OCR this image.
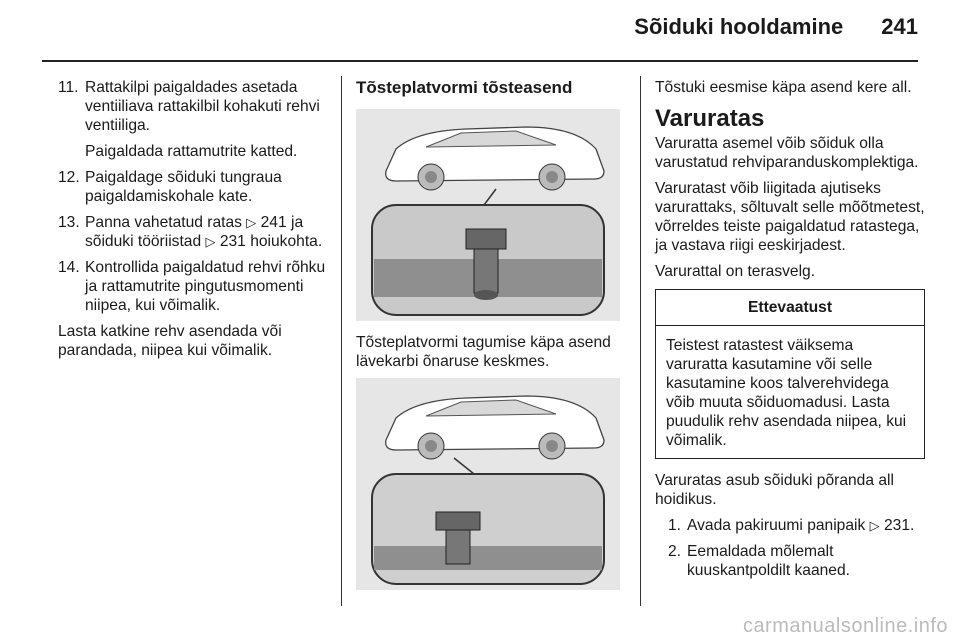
Sõiduki hooldamine 241
11. Rattakilpi paigaldades asetada ventiiliava rattakilbil kohakuti rehvi ventiiliga.

Paigaldada rattamutrite katted.

12. Paigaldage sõiduki tungraua paigaldamiskohale kate.
13. Panna vahetatud ratas ▷ 241 ja sõiduki tööriistad ▷ 231 hoiukohta.
14. Kontrollida paigaldatud rehvi rõhku ja rattamutrite pingutusmomenti niipea, kui võimalik.

Lasta katkine rehv asendada või parandada, niipea kui võimalik.

Tõsteplatvormi tõsteasend

Tõsteplatvormi tagumise käpa asend lävekarbi õnaruse keskmes.

Tõstuki eesmise käpa asend kere all.

Varuratas

Varuratta asemel võib sõiduk olla varustatud rehviparanduskomplektiga.

Varuratast võib liigitada ajutiseks varurattaks, sõltuvalt selle mõõtmetest, võrreldes teiste paigaldatud ratastega, ja vastava riigi eeskirjadest.

Varurattal on terasvelg.

Ettevaatust
Teistest ratastest väiksema varuratta kasutamine või selle kasutamine koos talverehvidega võib muuta sõiduomadusi. Lasta puudulik rehv asendada niipea, kui võimalik.

Varuratas asub sõiduki põranda all hoidikus.

1. Avada pakiruumi panipaik ▷ 231.
2. Eemaldada mõlemalt kuuskantpoldilt kaaned.
carmanualsonline.info
